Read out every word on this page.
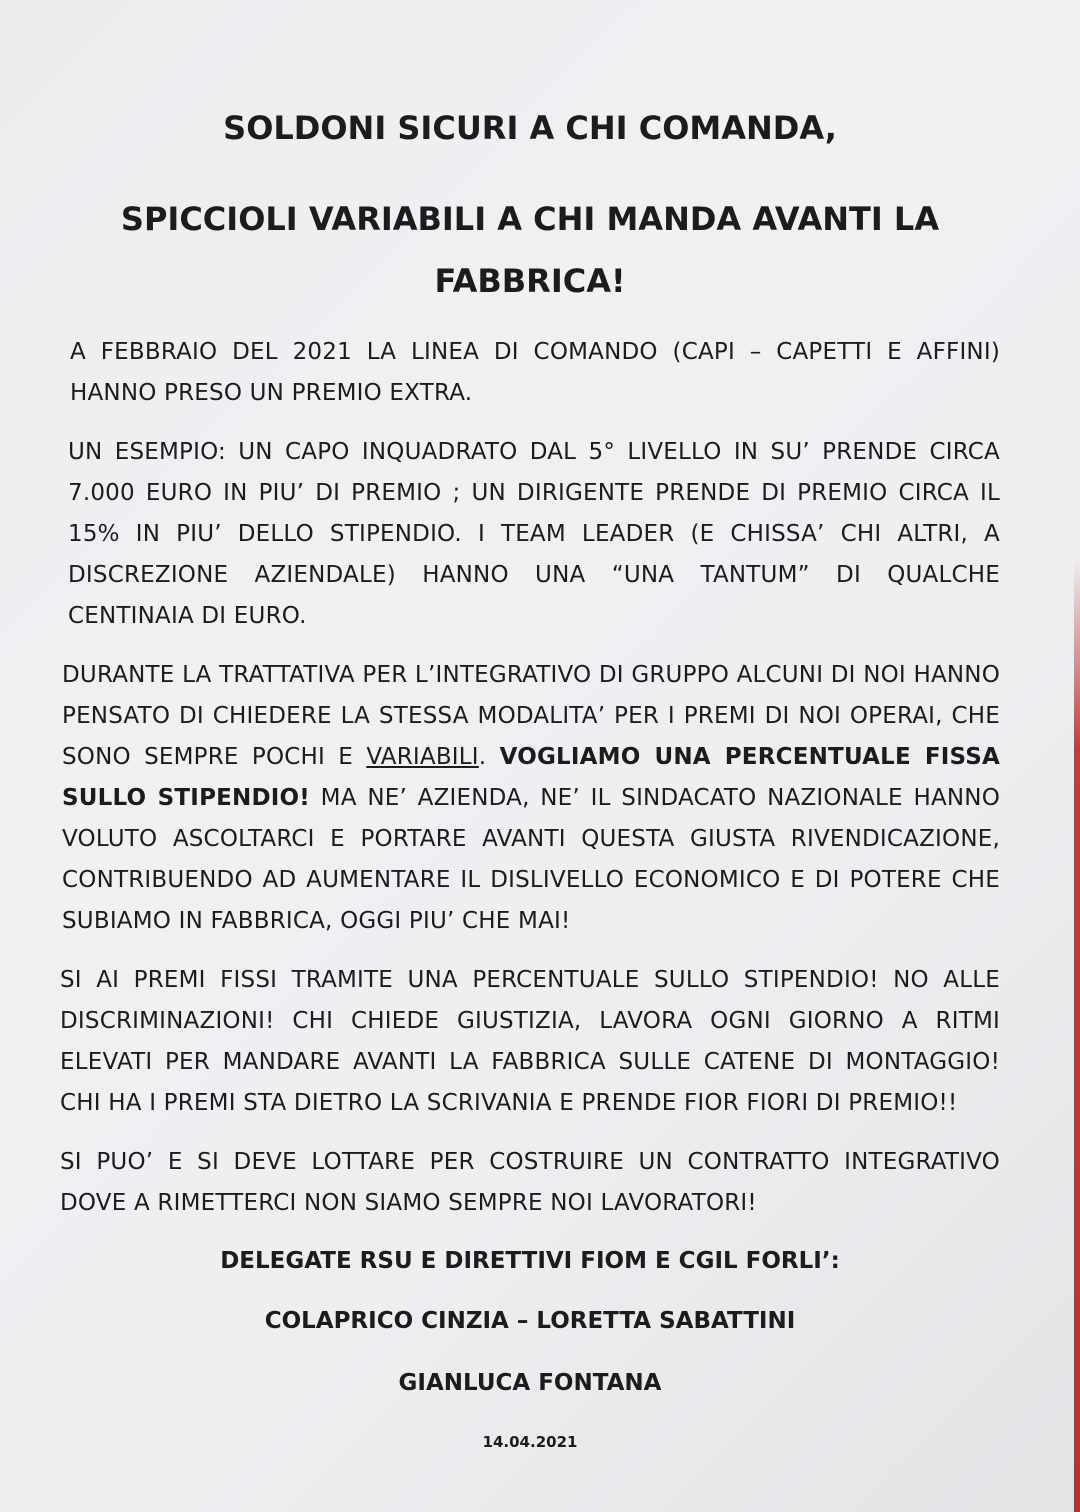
SOLDONI SICURI A CHI COMANDA,
SPICCIOLI VARIABILI A CHI MANDA AVANTI LA FABBRICA!

A FEBBRAIO DEL 2021 LA LINEA DI COMANDO (CAPI – CAPETTI E AFFINI) HANNO PRESO UN PREMIO EXTRA.

UN ESEMPIO: UN CAPO INQUADRATO DAL 5° LIVELLO IN SU’ PRENDE CIRCA 7.000 EURO IN PIU’ DI PREMIO ; UN DIRIGENTE PRENDE DI PREMIO CIRCA IL 15% IN PIU’ DELLO STIPENDIO. I TEAM LEADER (E CHISSA’ CHI ALTRI, A DISCREZIONE AZIENDALE) HANNO UNA “UNA TANTUM” DI QUALCHE CENTINAIA DI EURO.

DURANTE LA TRATTATIVA PER L’INTEGRATIVO DI GRUPPO ALCUNI DI NOI HANNO PENSATO DI CHIEDERE LA STESSA MODALITA’ PER I PREMI DI NOI OPERAI, CHE SONO SEMPRE POCHI E VARIABILI. VOGLIAMO UNA PERCENTUALE FISSA SULLO STIPENDIO! MA NE’ AZIENDA, NE’ IL SINDACATO NAZIONALE HANNO VOLUTO ASCOLTARCI E PORTARE AVANTI QUESTA GIUSTA RIVENDICAZIONE, CONTRIBUENDO AD AUMENTARE IL DISLIVELLO ECONOMICO E DI POTERE CHE SUBIAMO IN FABBRICA, OGGI PIU’ CHE MAI!

SI AI PREMI FISSI TRAMITE UNA PERCENTUALE SULLO STIPENDIO! NO ALLE DISCRIMINAZIONI! CHI CHIEDE GIUSTIZIA, LAVORA OGNI GIORNO A RITMI ELEVATI PER MANDARE AVANTI LA FABBRICA SULLE CATENE DI MONTAGGIO! CHI HA I PREMI STA DIETRO LA SCRIVANIA E PRENDE FIOR FIORI DI PREMIO!!

SI PUO’ E SI DEVE LOTTARE PER COSTRUIRE UN CONTRATTO INTEGRATIVO DOVE A RIMETTERCI NON SIAMO SEMPRE NOI LAVORATORI!

DELEGATE RSU E DIRETTIVI FIOM E CGIL FORLI’:

COLAPRICO CINZIA – LORETTA SABATTINI

GIANLUCA FONTANA

14.04.2021
